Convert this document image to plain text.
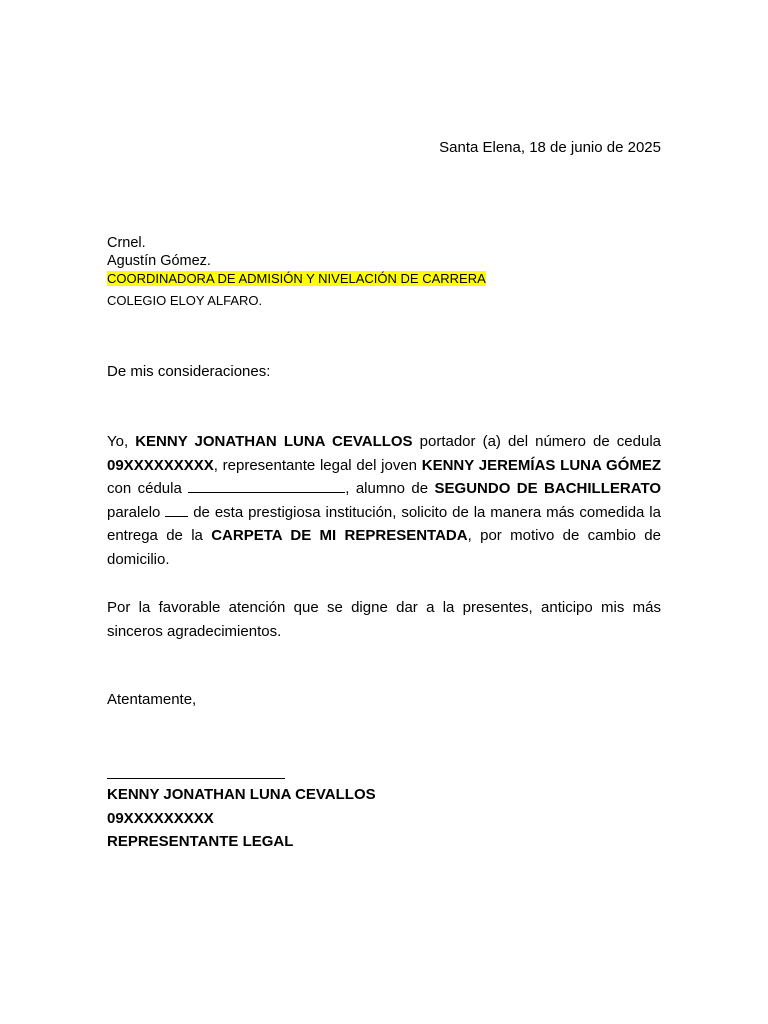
Santa Elena, 18 de junio de 2025
Crnel.
Agustín Gómez.
COORDINADORA DE ADMISIÓN Y NIVELACIÓN DE CARRERA
COLEGIO ELOY ALFARO.
De mis consideraciones:
Yo, KENNY JONATHAN LUNA CEVALLOS portador (a) del número de cedula 09XXXXXXXXX, representante legal del joven KENNY JEREMÍAS LUNA GÓMEZ con cédula	, alumno de SEGUNDO DE BACHILLERATO paralelo  de esta prestigiosa institución, solicito de la manera más comedida la entrega de la CARPETA DE MI REPRESENTADA, por motivo de cambio de domicilio.
Por la favorable atención que se digne dar a la presentes, anticipo mis más sinceros agradecimientos.
Atentamente,
KENNY JONATHAN LUNA CEVALLOS
09XXXXXXXXX
REPRESENTANTE LEGAL
